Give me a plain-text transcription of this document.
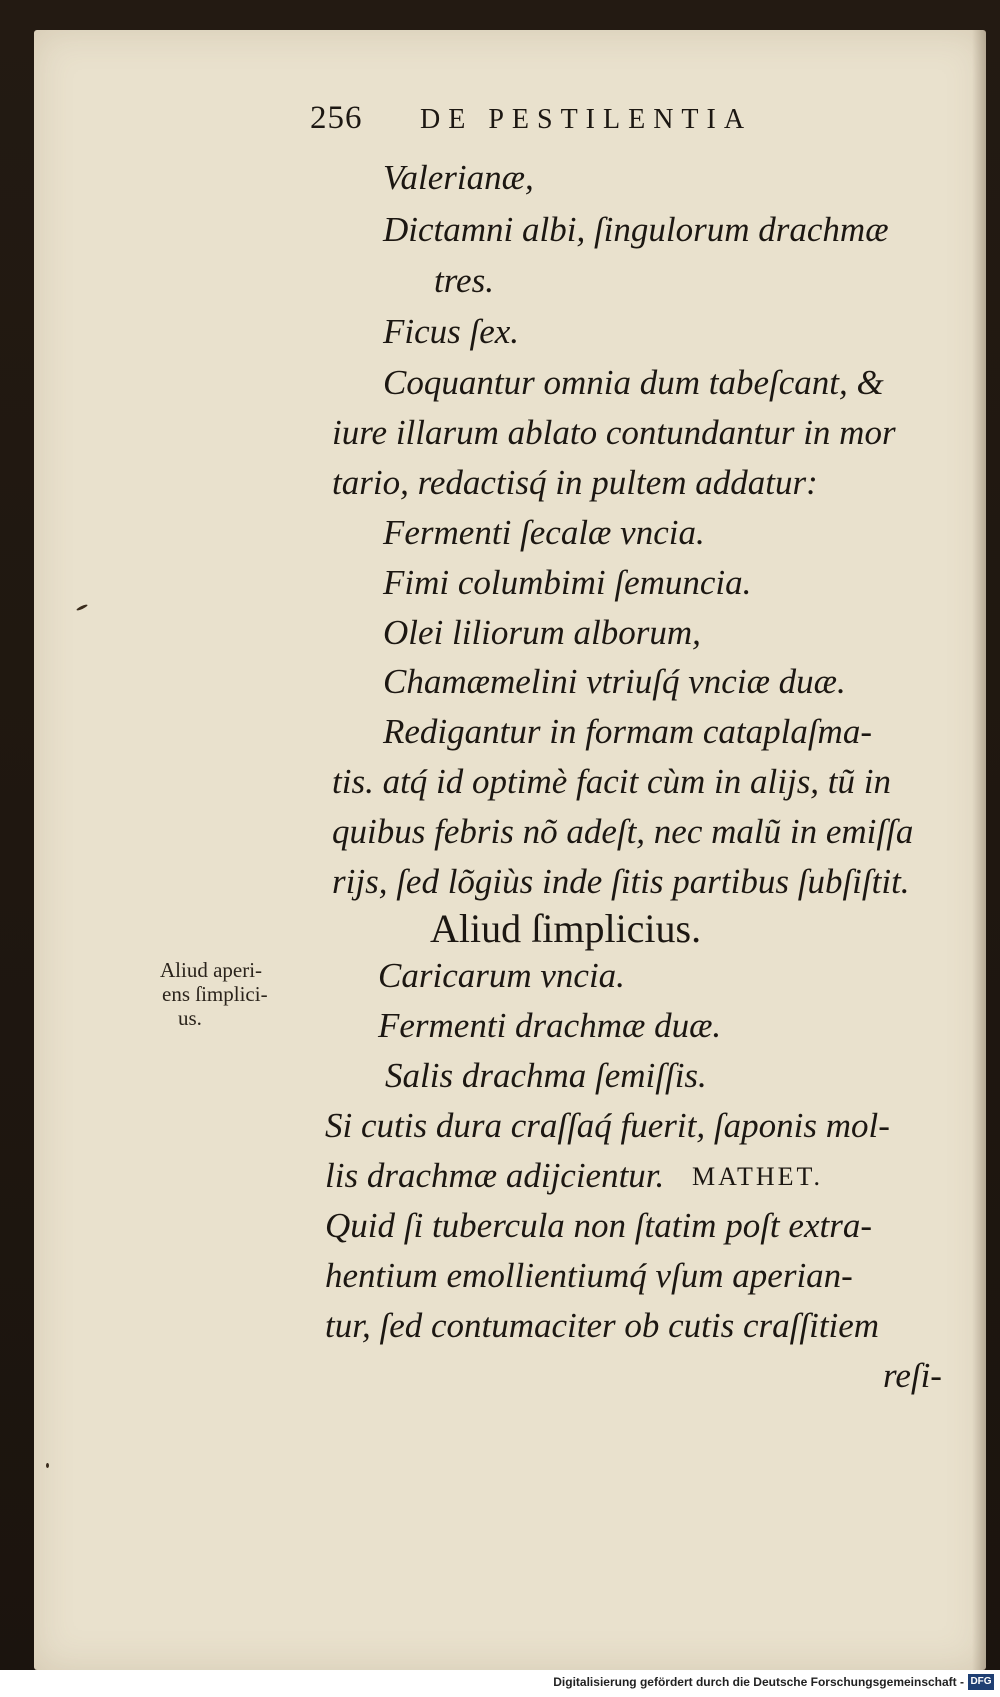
256 DE PESTILENTIA
Valerianæ,
Dictamni albi, ſingulorum drachmæ
tres.
Ficus ſex.
Coquantur omnia dum tabeſcant, &
iure illarum ablato contundantur in mor
tario, redactisq́ in pultem addatur:
Fermenti ſecalæ vncia.
Fimi columbimi ſemuncia.
Olei liliorum alborum,
Chamæmelini vtriuſq́ vnciæ duæ.
Redigantur in formam cataplaſma-
tis. atq́ id optimè facit cùm in alijs, tũ in
quibus febris nõ adeſt, nec malũ in emiſſa
rijs, ſed lõgiùs inde ſitis partibus ſubſiſtit.
Aliud ſimplicius.
Aliud aperi-
ens ſimplici-
us.
Caricarum vncia.
Fermenti drachmæ duæ.
Salis drachma ſemiſſis.
Si cutis dura craſſaq́ fuerit, ſaponis mol-
lis drachmæ adijcientur. MATHET.
Quid ſi tubercula non ſtatim poſt extra-
hentium emollientiumq́ vſum aperian-
tur, ſed contumaciter ob cutis craſſitiem
reſi-
Digitalisierung gefördert durch die Deutsche Forschungsgemeinschaft - DFG
